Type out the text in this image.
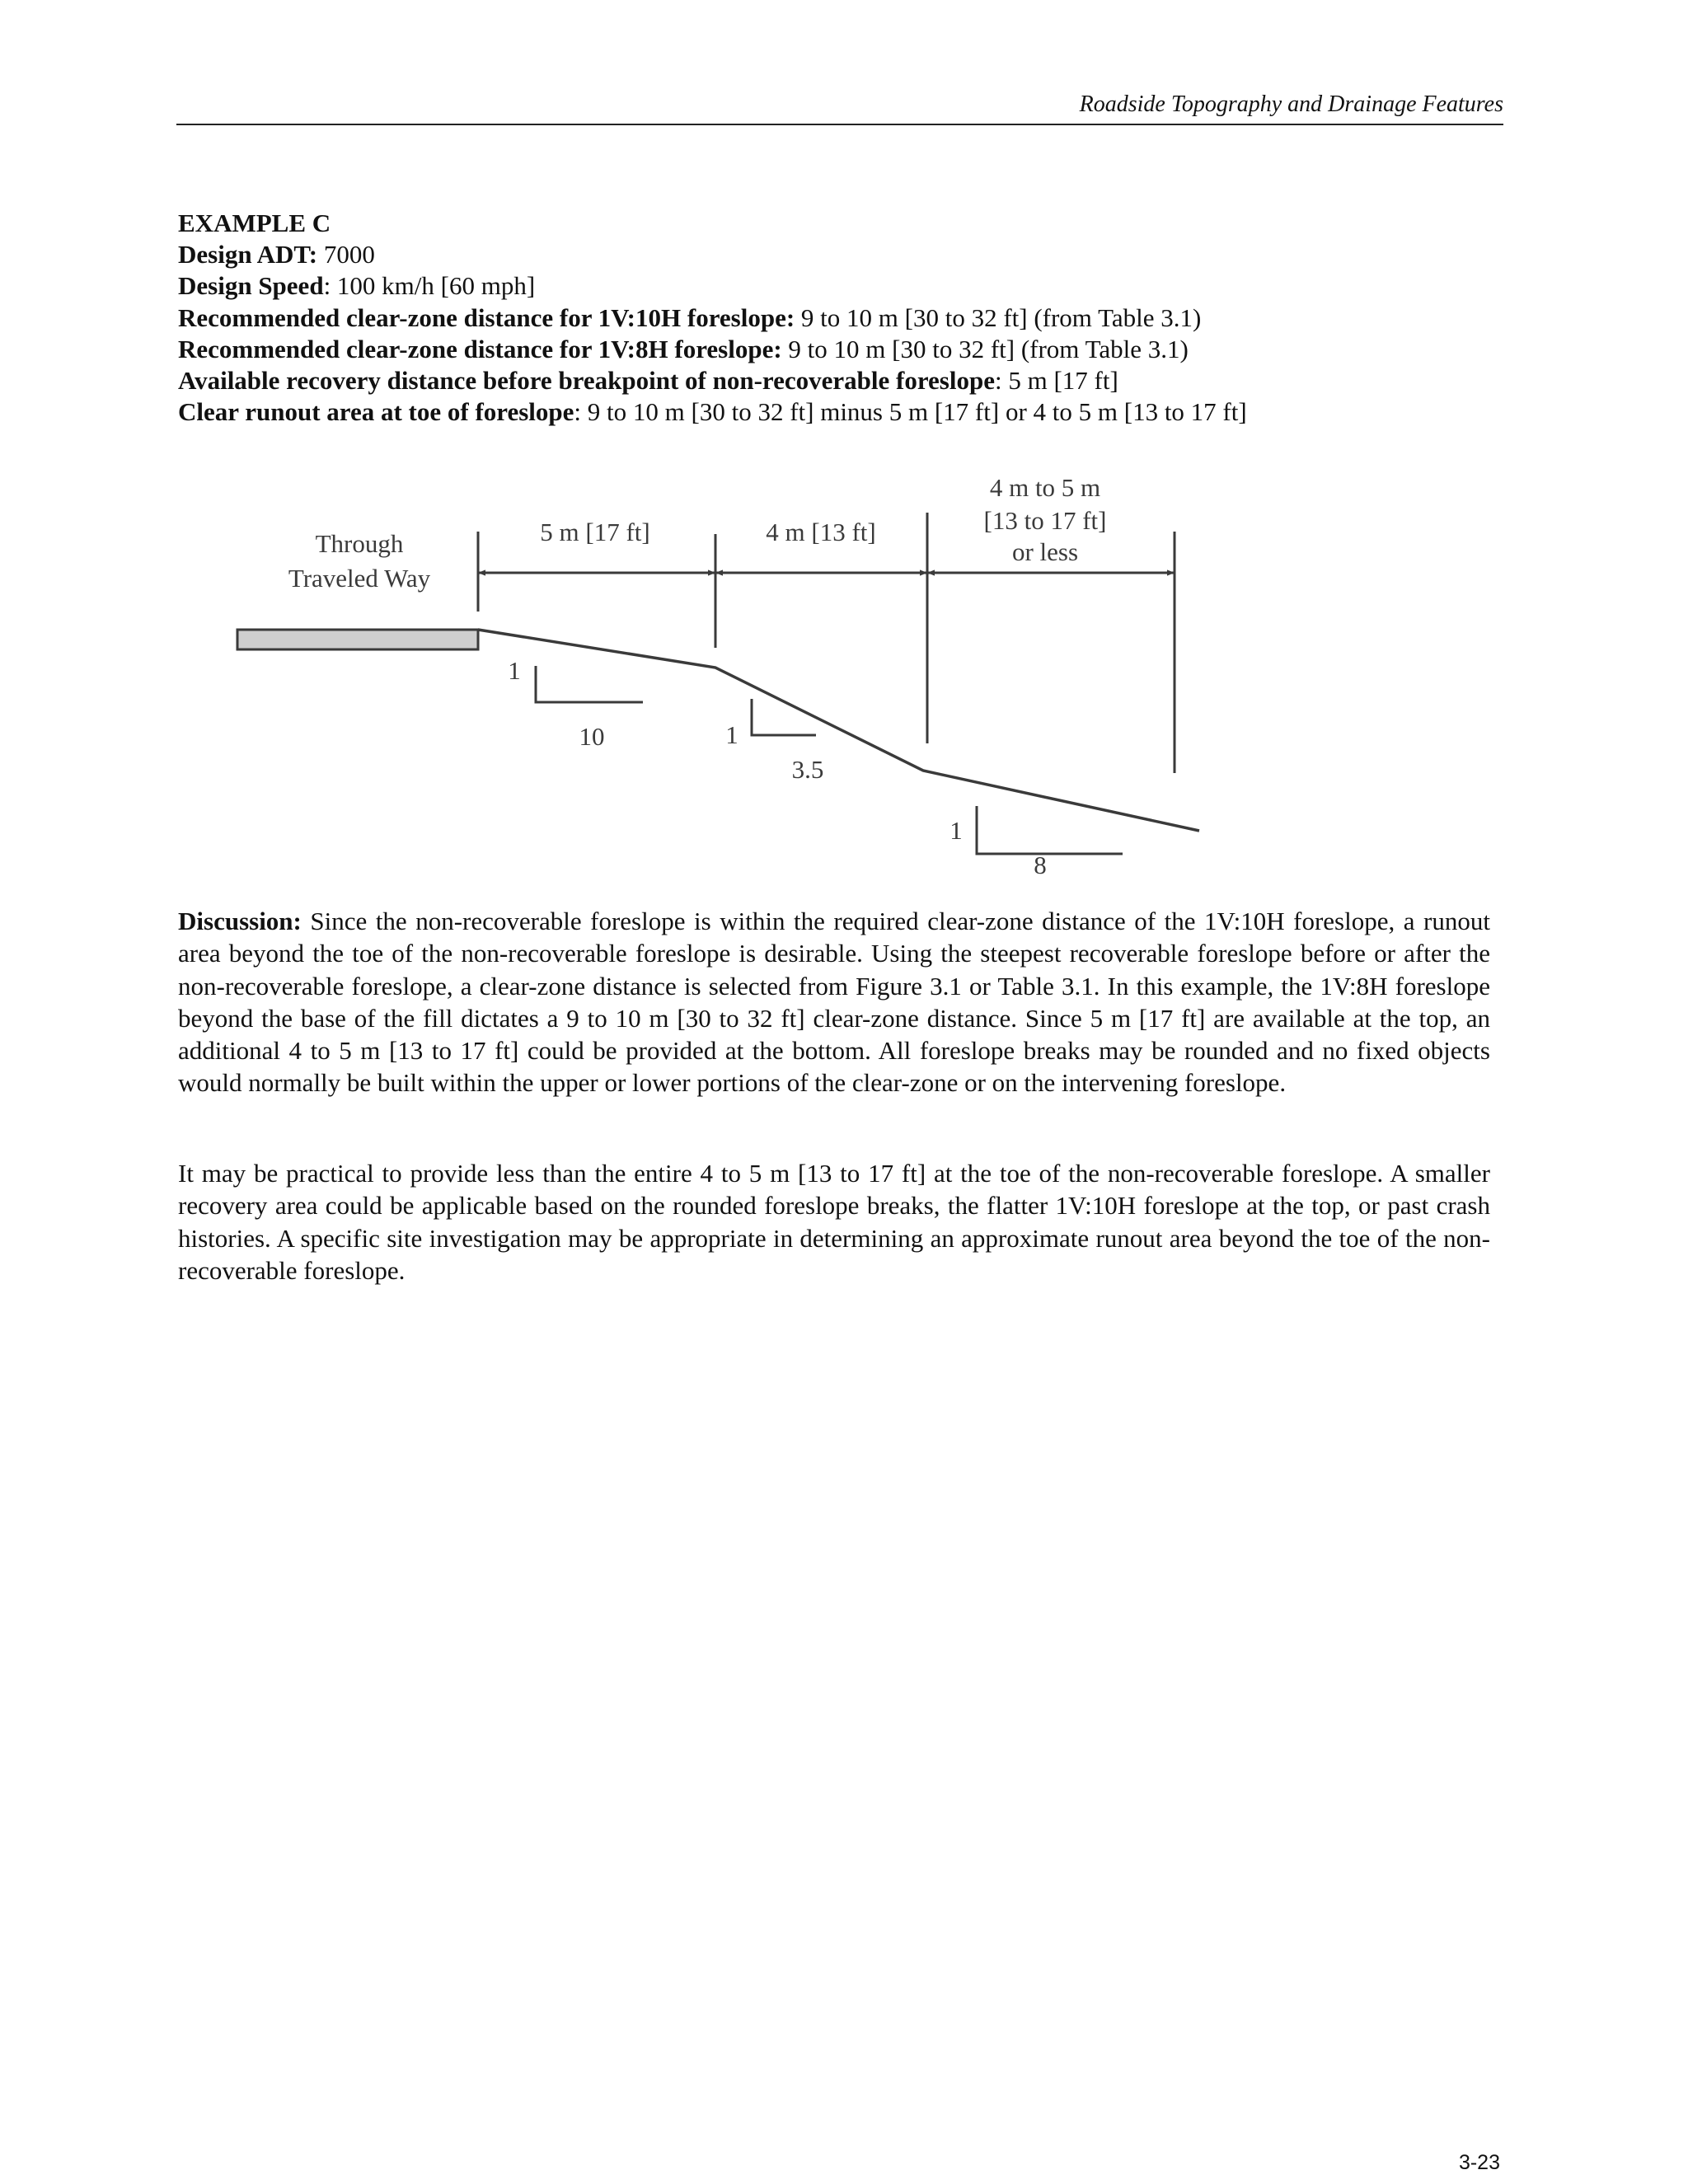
Roadside Topography and Drainage Features
EXAMPLE C
Design ADT: 7000
Design Speed: 100 km/h [60 mph]
Recommended clear-zone distance for 1V:10H foreslope: 9 to 10 m [30 to 32 ft] (from Table 3.1)
Recommended clear-zone distance for 1V:8H foreslope: 9 to 10 m [30 to 32 ft] (from Table 3.1)
Available recovery distance before breakpoint of non-recoverable foreslope: 5 m [17 ft]
Clear runout area at toe of foreslope: 9 to 10 m [30 to 32 ft] minus 5 m [17 ft] or 4 to 5 m [13 to 17 ft]
Through
Traveled Way
5 m [17 ft]	4 m [13 ft]
4 m to 5 m
[13 to 17 ft]
or less
1
10	1
3.5
1
8
Discussion: Since the non-recoverable foreslope is within the required clear-zone distance of the 1V:10H foreslope, a runout area beyond the toe of the non-recoverable foreslope is desirable. Using the steepest recoverable foreslope before or after the non-recoverable foreslope, a clear-zone distance is selected from Figure 3.1 or Table 3.1. In this example, the 1V:8H foreslope beyond the base of the fill dictates a 9 to 10 m [30 to 32 ft] clear-zone distance. Since 5 m [17 ft] are available at the top, an additional 4 to 5 m [13 to 17 ft] could be provided at the bottom. All foreslope breaks may be rounded and no fixed objects would normally be built within the upper or lower portions of the clear-zone or on the intervening foreslope.
It may be practical to provide less than the entire 4 to 5 m [13 to 17 ft] at the toe of the non-recoverable foreslope. A smaller recovery area could be applicable based on the rounded foreslope breaks, the flatter 1V:10H foreslope at the top, or past crash histories. A specific site investigation may be appropriate in determining an approximate runout area beyond the toe of the non-recoverable foreslope.
3-23
